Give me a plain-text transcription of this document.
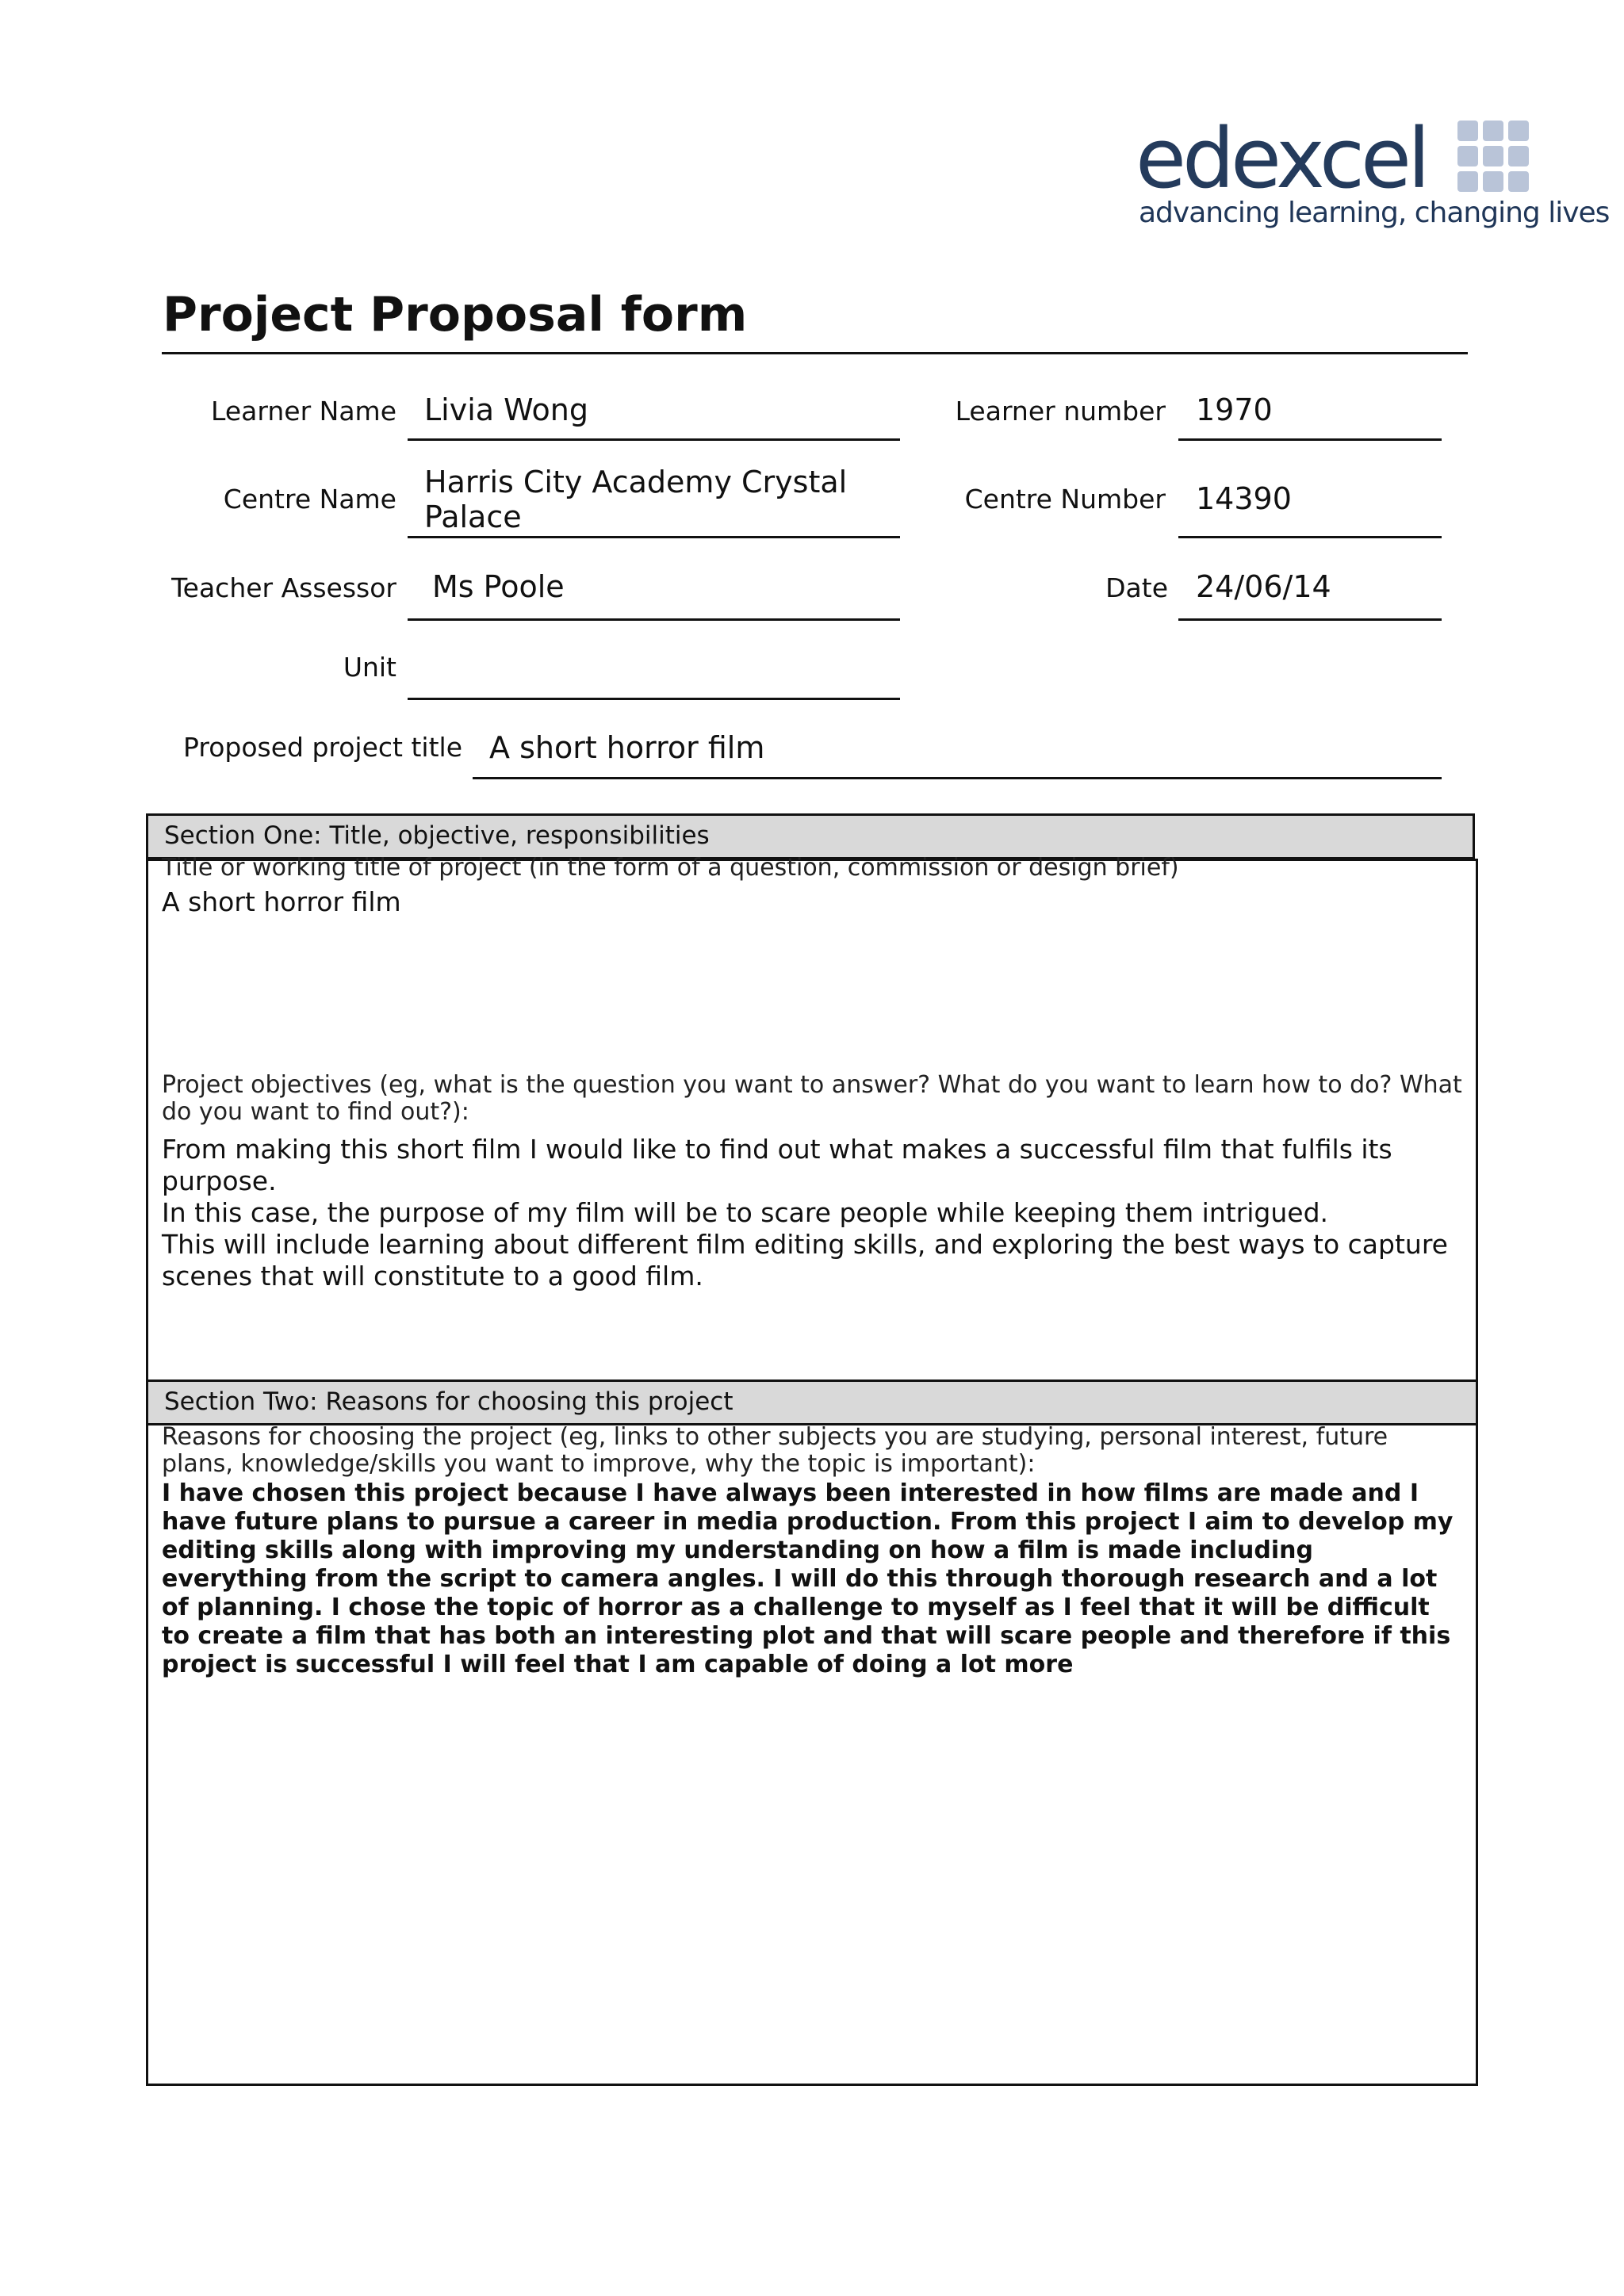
edexcel
advancing learning, changing lives
Project Proposal form
Learner Name Livia Wong	Learner number 1970
Centre Name Harris City Academy Crystal Palace
Centre Number 14390
Teacher Assessor Ms Poole	Date 24/06/14
Unit
Proposed project title A short horror film
Section One: Title, objective, responsibilities
Title or working title of project (in the form of a question, commission or design brief)
A short horror film
Project objectives (eg, what is the question you want to answer? What do you want to learn how to do? What do you want to find out?):

From making this short film I would like to find out what makes a successful film that fulfils its purpose.

In this case, the purpose of my film will be to scare people while keeping them intrigued.

This will include learning about different film editing skills, and exploring the best ways to capture scenes that will constitute to a good film.

Section Two: Reasons for choosing this project
Reasons for choosing the project (eg, links to other subjects you are studying, personal interest, future plans, knowledge/skills you want to improve, why the topic is important):
I have chosen this project because I have always been interested in how films are made and I have future plans to pursue a career in media production. From this project I aim to develop my editing skills along with improving my understanding on how a film is made including everything from the script to camera angles. I will do this through thorough research and a lot of planning. I chose the topic of horror as a challenge to myself as I feel that it will be difficult to create a film that has both an interesting plot and that will scare people and therefore if this project is successful I will feel that I am capable of doing a lot more
